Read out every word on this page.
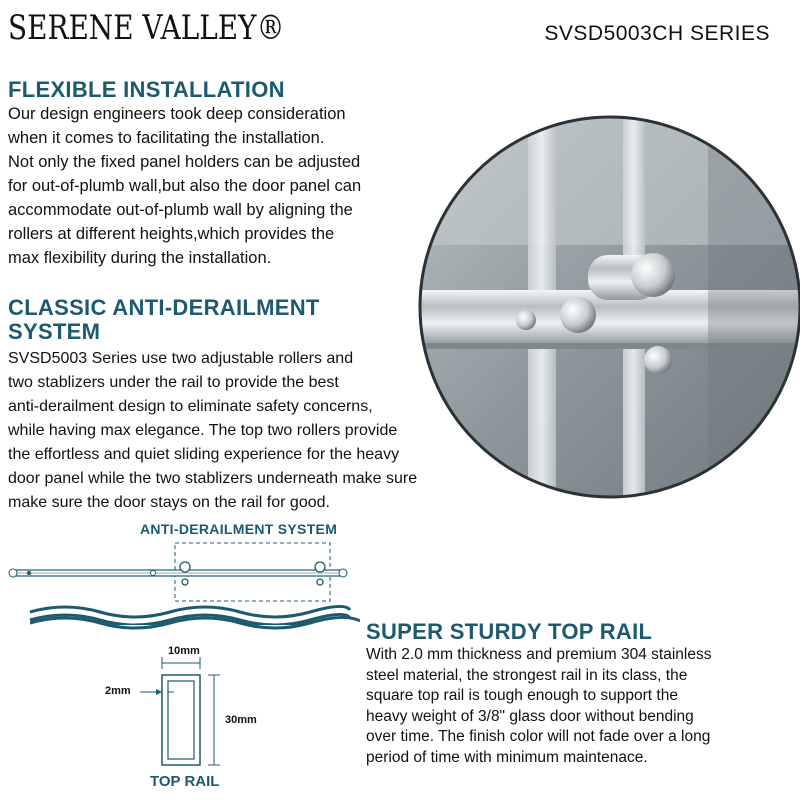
SERENE VALLEY®	SVSD5003CH SERIES
FLEXIBLE INSTALLATION
Our design engineers took deep consideration
when it comes to facilitating the installation.
Not only the fixed panel holders can be adjusted
for out-of-plumb wall,but also the door panel can
accommodate out-of-plumb wall by aligning the
rollers at different heights,which provides the
max flexibility during the installation.
CLASSIC ANTI-DERAILMENT
SYSTEM
SVSD5003 Series use two adjustable rollers and
two stablizers under the rail to provide the best
anti-derailment design to eliminate safety concerns,
while having max elegance. The top two rollers provide
the effortless and quiet sliding experience for the heavy
door panel while the two stablizers underneath make sure
make sure the door stays on the rail for good.
ANTI-DERAILMENT SYSTEM
10mm
2mm
30mm
TOP RAIL
SUPER STURDY TOP RAIL
With 2.0 mm thickness and premium 304 stainless
steel material, the strongest rail in its class, the
square top rail is tough enough to support the
heavy weight of 3/8" glass door without bending
over time. The finish color will not fade over a long
period of time with minimum maintenace.
